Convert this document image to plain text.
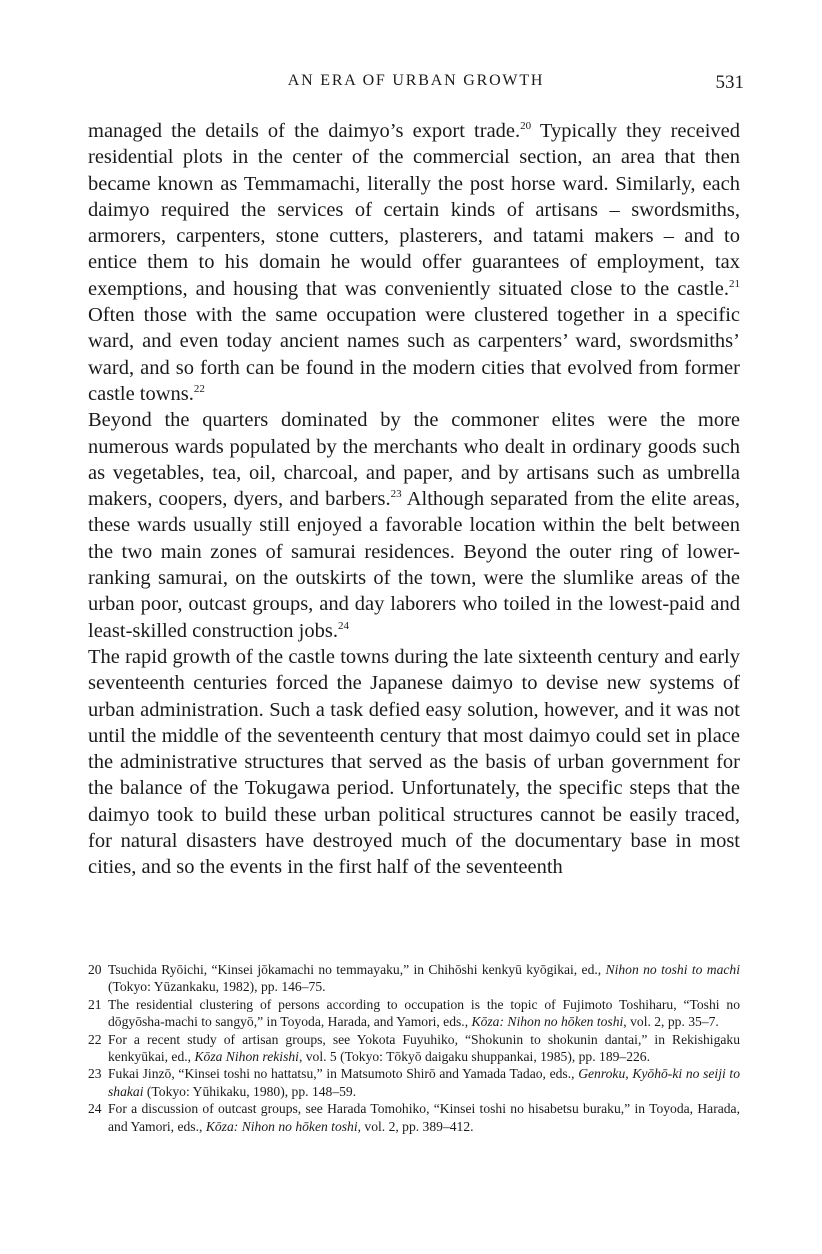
AN ERA OF URBAN GROWTH	531

managed the details of the daimyo’s export trade.$^{20}$ Typically they received residential plots in the center of the commercial section, an area that then became known as Temmamachi, literally the post horse ward. Similarly, each daimyo required the services of certain kinds of artisans – swordsmiths, armorers, carpenters, stone cutters, plasterers, and tatami makers – and to entice them to his domain he would offer guarantees of employment, tax exemptions, and housing that was conveniently situated close to the castle.$^{21}$ Often those with the same occupation were clustered together in a specific ward, and even today ancient names such as carpenters’ ward, swordsmiths’ ward, and so forth can be found in the modern cities that evolved from former castle towns.$^{22}$

Beyond the quarters dominated by the commoner elites were the more numerous wards populated by the merchants who dealt in ordinary goods such as vegetables, tea, oil, charcoal, and paper, and by artisans such as umbrella makers, coopers, dyers, and barbers.$^{23}$ Although separated from the elite areas, these wards usually still enjoyed a favorable location within the belt between the two main zones of samurai residences. Beyond the outer ring of lower-ranking samurai, on the outskirts of the town, were the slumlike areas of the urban poor, outcast groups, and day laborers who toiled in the lowest-paid and least-skilled construction jobs.$^{24}$

The rapid growth of the castle towns during the late sixteenth century and early seventeenth centuries forced the Japanese daimyo to devise new systems of urban administration. Such a task defied easy solution, however, and it was not until the middle of the seventeenth century that most daimyo could set in place the administrative structures that served as the basis of urban government for the balance of the Tokugawa period. Unfortunately, the specific steps that the daimyo took to build these urban political structures cannot be easily traced, for natural disasters have destroyed much of the documentary base in most cities, and so the events in the first half of the seventeenth

20 Tsuchida Ryōichi, “Kinsei jōkamachi no temmayaku,” in Chihōshi kenkyū kyōgikai, ed., Nihon no toshi to machi (Tokyo: Yūzankaku, 1982), pp. 146–75.

21 The residential clustering of persons according to occupation is the topic of Fujimoto Toshiharu, “Toshi no dōgyōsha-machi to sangyō,” in Toyoda, Harada, and Yamori, eds., Kōza: Nihon no hōken toshi, vol. 2, pp. 35–7.

22 For a recent study of artisan groups, see Yokota Fuyuhiko, “Shokunin to shokunin dantai,” in Rekishigaku kenkyūkai, ed., Kōza Nihon rekishi, vol. 5 (Tokyo: Tōkyō daigaku shuppankai, 1985), pp. 189–226.

23 Fukai Jinzō, “Kinsei toshi no hattatsu,” in Matsumoto Shirō and Yamada Tadao, eds., Genroku, Kyōhō-ki no seiji to shakai (Tokyo: Yūhikaku, 1980), pp. 148–59.

24 For a discussion of outcast groups, see Harada Tomohiko, “Kinsei toshi no hisabetsu buraku,” in Toyoda, Harada, and Yamori, eds., Kōza: Nihon no hōken toshi, vol. 2, pp. 389–412.
